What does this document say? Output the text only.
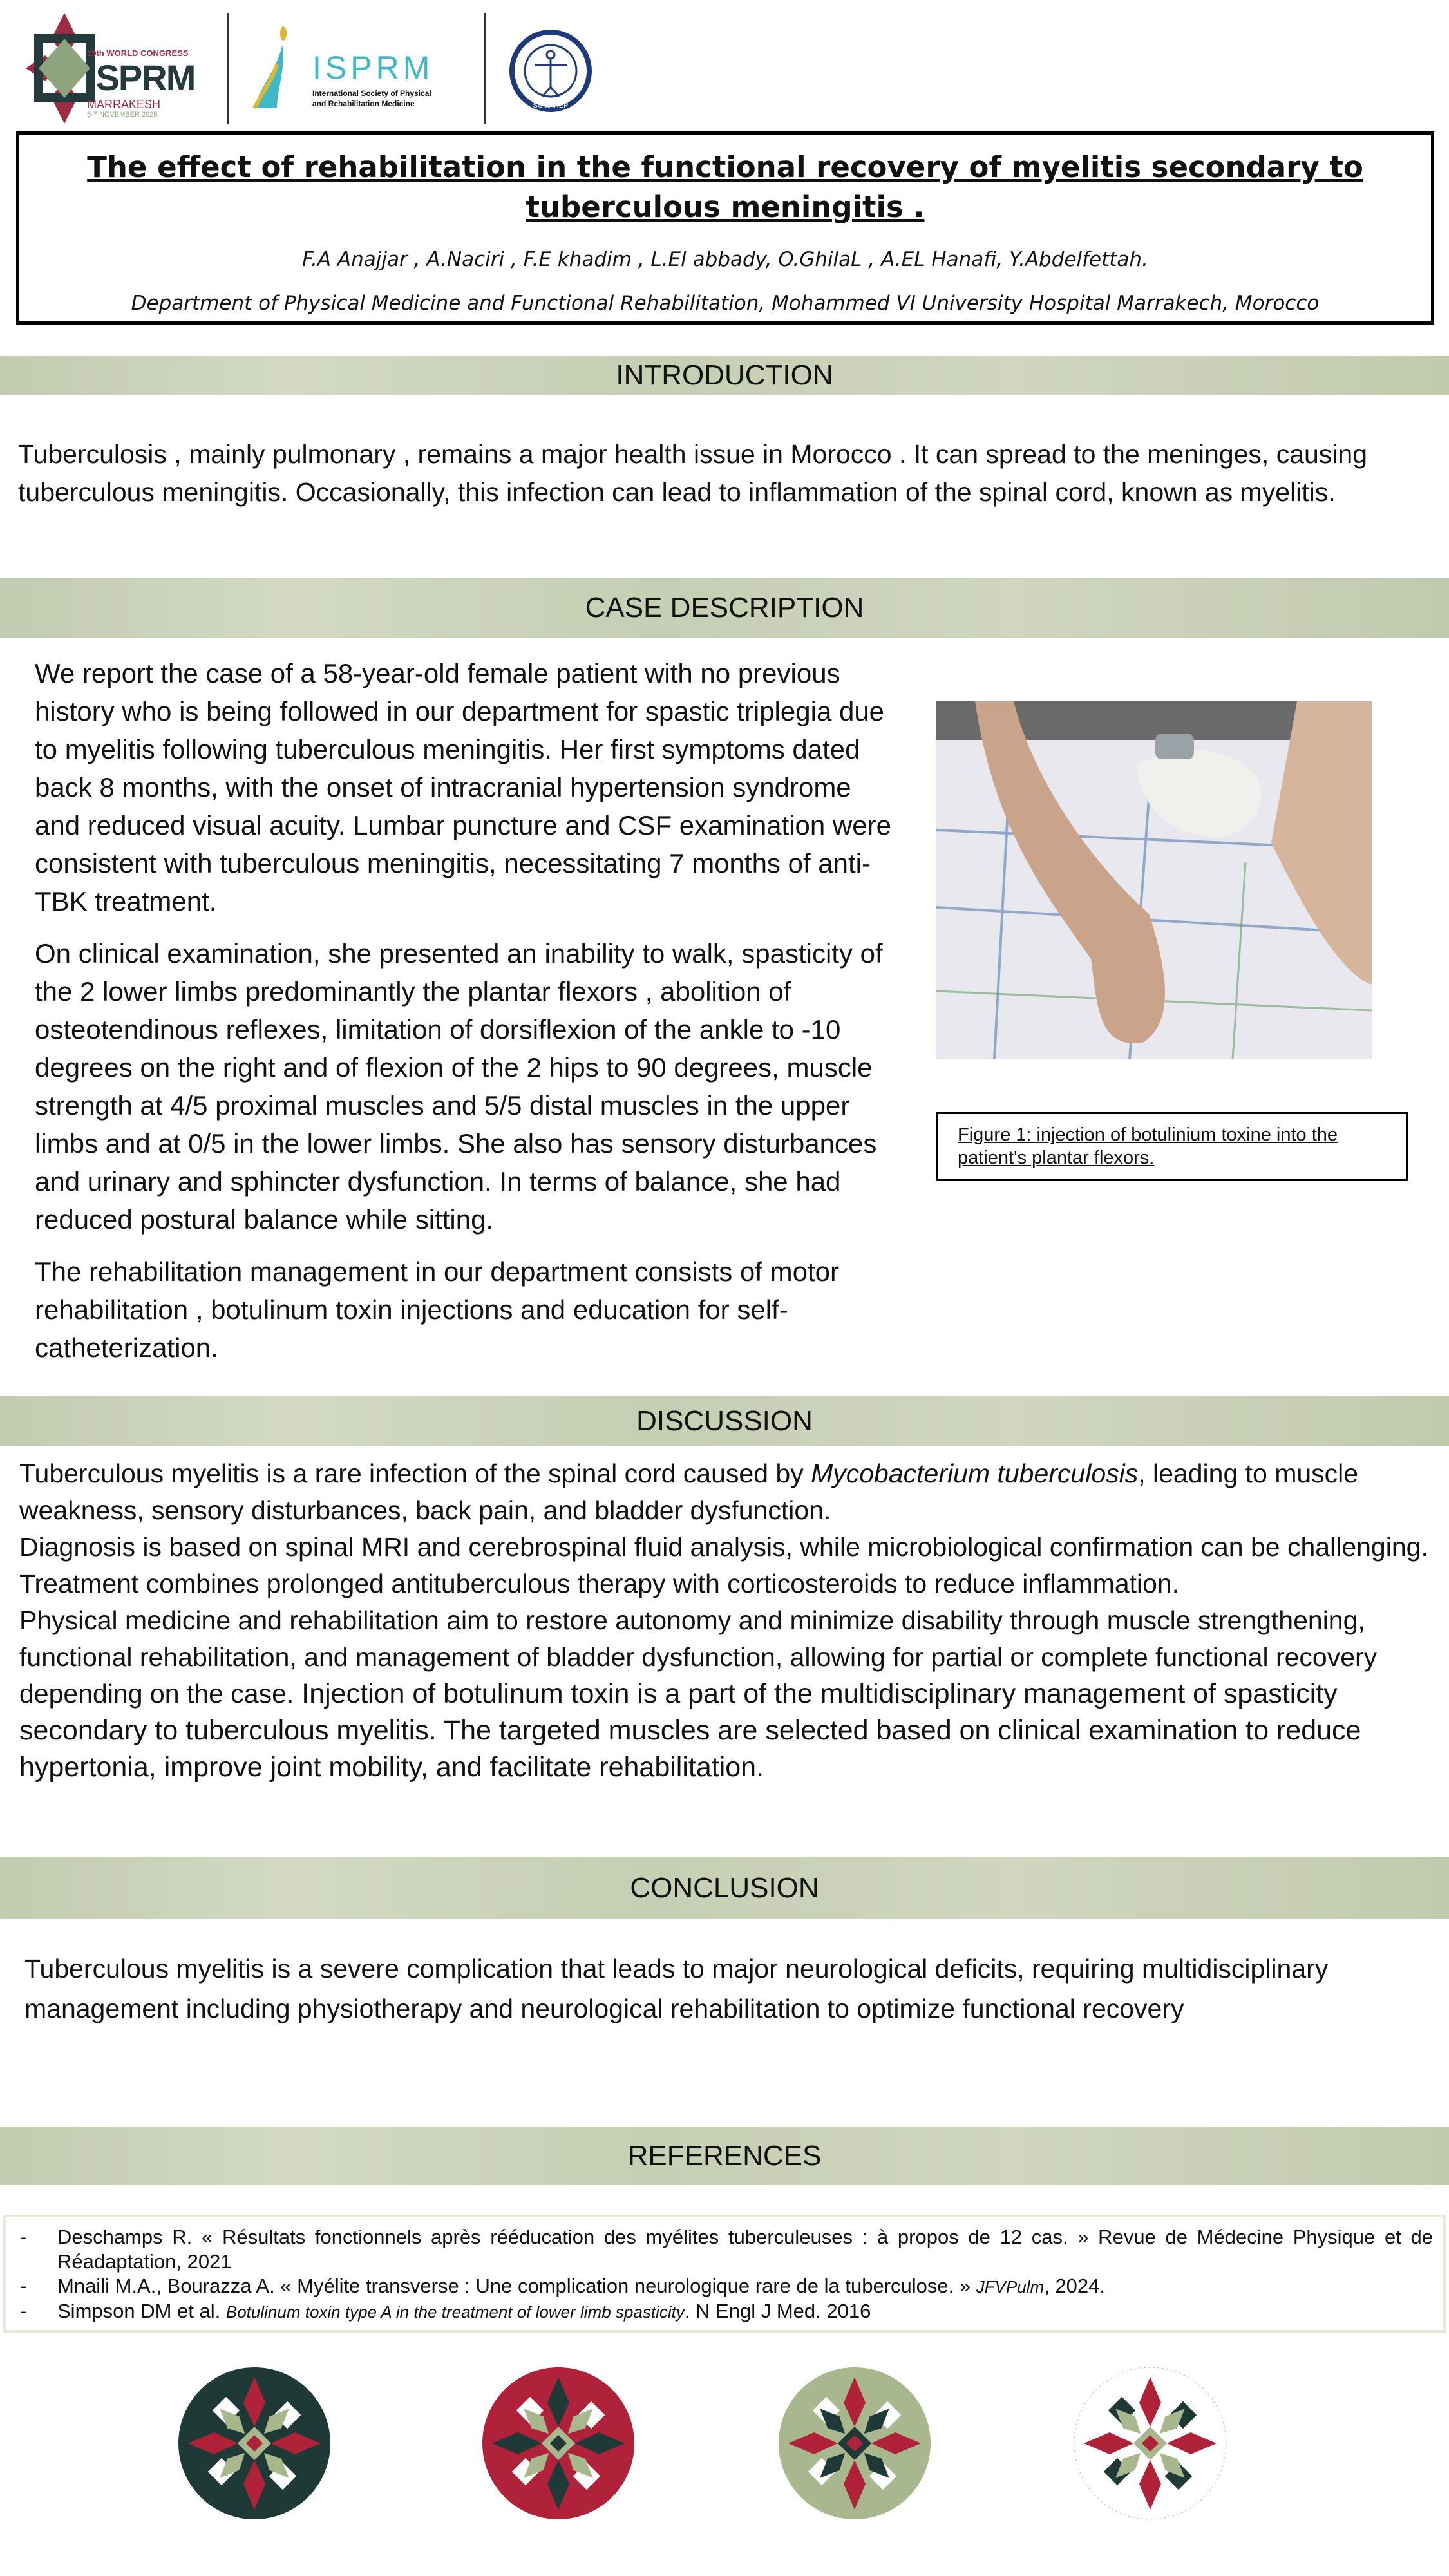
19th WORLD CONGRESS
ISPRM
MARRAKESH
5-7 NOVEMBER 2025
ISPRM
International Society of Physical
and Rehabilitation Medicine	SOMAREP
The effect of rehabilitation in the functional recovery of myelitis secondary to tuberculous meningitis .
F.A Anajjar , A.Naciri , F.E khadim , L.El abbady, O.GhilaL , A.EL Hanafi, Y.Abdelfettah.
Department of Physical Medicine and Functional Rehabilitation, Mohammed VI University Hospital Marrakech, Morocco
INTRODUCTION
Tuberculosis , mainly pulmonary , remains a major health issue in Morocco . It can spread to the meninges, causing tuberculous meningitis. Occasionally, this infection can lead to inflammation of the spinal cord, known as myelitis.
CASE DESCRIPTION

We report the case of a 58-year-old female patient with no previous history who is being followed in our department for spastic triplegia due to myelitis following tuberculous meningitis. Her first symptoms dated back 8 months, with the onset of intracranial hypertension syndrome and reduced visual acuity. Lumbar puncture and CSF examination were consistent with tuberculous meningitis, necessitating 7 months of anti-TBK treatment.

On clinical examination, she presented an inability to walk, spasticity of the 2 lower limbs predominantly the plantar flexors , abolition of osteotendinous reflexes, limitation of dorsiflexion of the ankle to -10 degrees on the right and of flexion of the 2 hips to 90 degrees, muscle strength at 4/5 proximal muscles and 5/5 distal muscles in the upper limbs and at 0/5 in the lower limbs. She also has sensory disturbances and urinary and sphincter dysfunction. In terms of balance, she had reduced postural balance while sitting.

The rehabilitation management in our department consists of motor rehabilitation , botulinum toxin injections and education for self-catheterization.

Figure 1: injection of botulinium toxine into the patient's plantar flexors.
DISCUSSION
Tuberculous myelitis is a rare infection of the spinal cord caused by Mycobacterium tuberculosis, leading to muscle weakness, sensory disturbances, back pain, and bladder dysfunction.
Diagnosis is based on spinal MRI and cerebrospinal fluid analysis, while microbiological confirmation can be challenging.
Treatment combines prolonged antituberculous therapy with corticosteroids to reduce inflammation.
Physical medicine and rehabilitation aim to restore autonomy and minimize disability through muscle strengthening, functional rehabilitation, and management of bladder dysfunction, allowing for partial or complete functional recovery depending on the case. Injection of botulinum toxin is a part of the multidisciplinary management of spasticity secondary to tuberculous myelitis. The targeted muscles are selected based on clinical examination to reduce hypertonia, improve joint mobility, and facilitate rehabilitation.
CONCLUSION
Tuberculous myelitis is a severe complication that leads to major neurological deficits, requiring multidisciplinary management including physiotherapy and neurological rehabilitation to optimize functional recovery
REFERENCES
-	Deschamps R. « Résultats fonctionnels après rééducation des myélites tuberculeuses : à propos de 12 cas. » Revue de Médecine Physique et de Réadaptation, 2021
-	Mnaili M.A., Bourazza A. « Myélite transverse : Une complication neurologique rare de la tuberculose. » JFVPulm, 2024.
-	Simpson DM et al. Botulinum toxin type A in the treatment of lower limb spasticity. N Engl J Med. 2016
